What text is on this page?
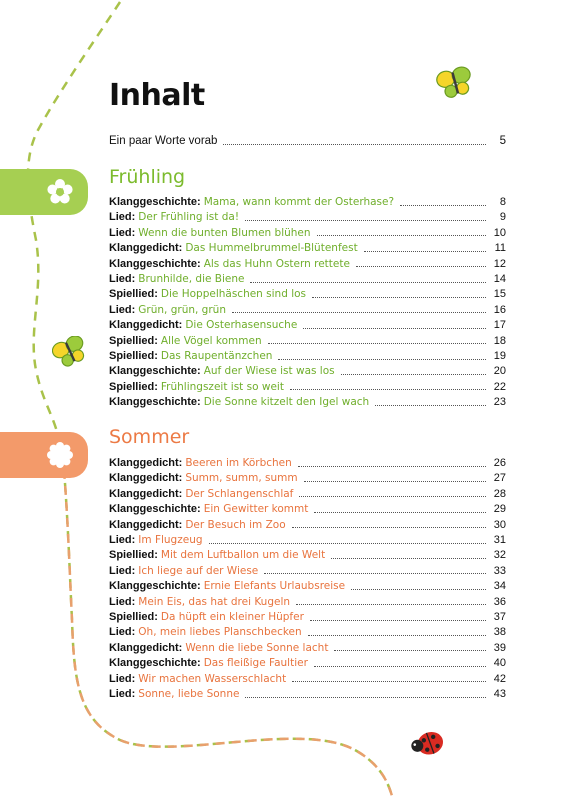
Inhalt
Ein paar Worte vorab	5
Frühling
Klanggeschichte: Mama, wann kommt der Osterhase?	8
Lied: Der Frühling ist da!	9
Lied: Wenn die bunten Blumen blühen	10
Klanggedicht: Das Hummelbrummel-Blütenfest	11
Klanggeschichte: Als das Huhn Ostern rettete	12
Lied: Brunhilde, die Biene	14
Spiellied: Die Hoppelhäschen sind los	15
Lied: Grün, grün, grün	16
Klanggedicht: Die Osterhasensuche	17
Spiellied: Alle Vögel kommen	18
Spiellied: Das Raupentänzchen	19
Klanggeschichte: Auf der Wiese ist was los	20
Spiellied: Frühlingszeit ist so weit	22
Klanggeschichte: Die Sonne kitzelt den Igel wach	23
Sommer
Klanggedicht: Beeren im Körbchen	26
Klanggedicht: Summ, summ, summ	27
Klanggedicht: Der Schlangenschlaf	28
Klanggeschichte: Ein Gewitter kommt	29
Klanggedicht: Der Besuch im Zoo	30
Lied: Im Flugzeug	31
Spiellied: Mit dem Luftballon um die Welt	32
Lied: Ich liege auf der Wiese	33
Klanggeschichte: Ernie Elefants Urlaubsreise	34
Lied: Mein Eis, das hat drei Kugeln	36
Spiellied: Da hüpft ein kleiner Hüpfer	37
Lied: Oh, mein liebes Planschbecken	38
Klanggedicht: Wenn die liebe Sonne lacht	39
Klanggeschichte: Das fleißige Faultier	40
Lied: Wir machen Wasserschlacht	42
Lied: Sonne, liebe Sonne	43
